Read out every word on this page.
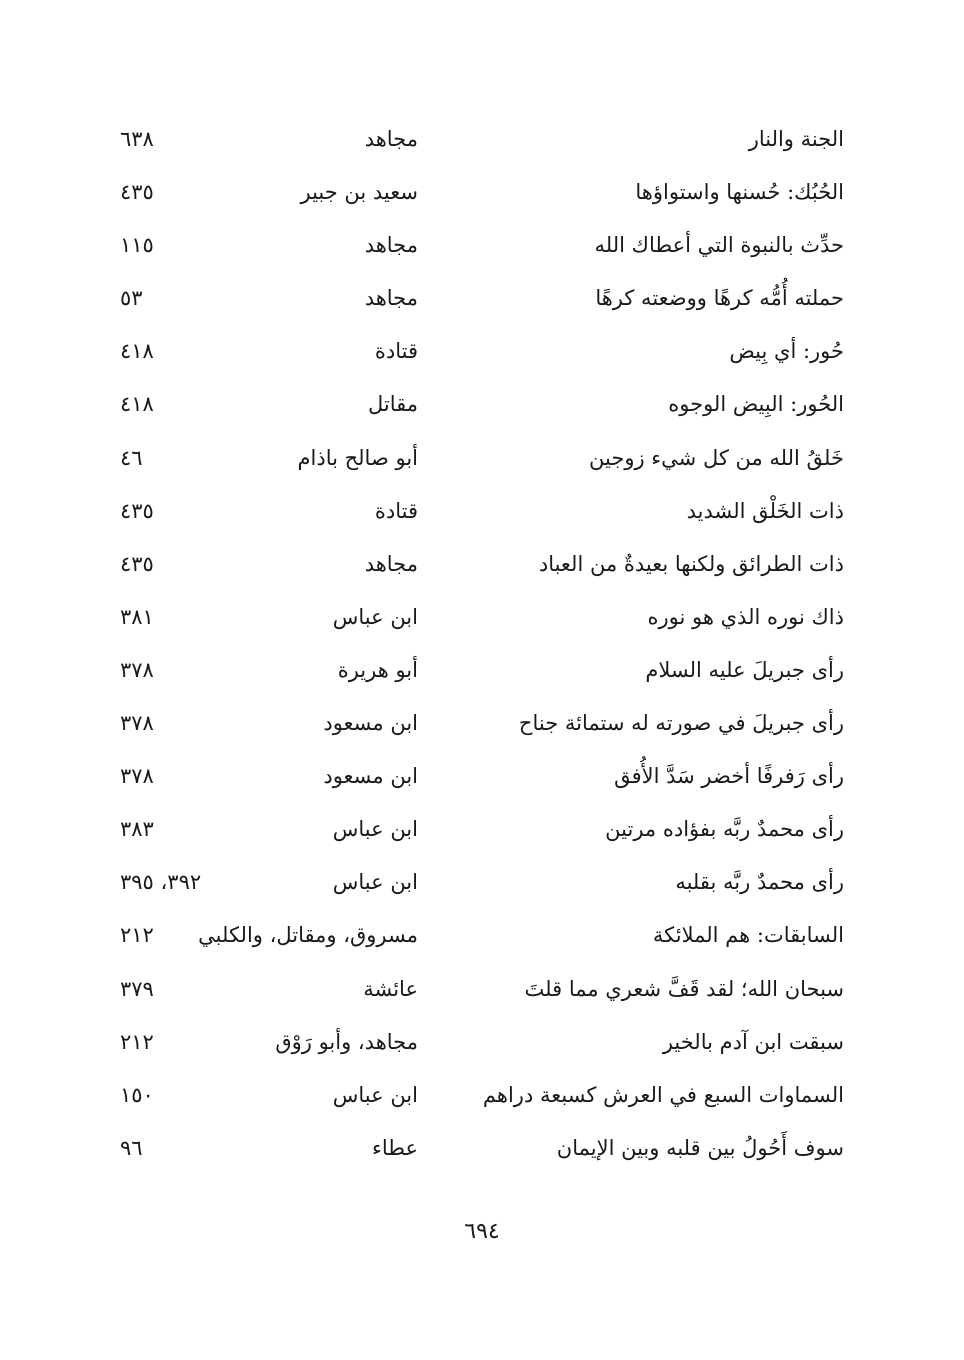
الجنة والنار
مجاهد
٦٣٨
الحُبُك: حُسنها واستواؤها
سعيد بن جبير
٤٣٥
حدِّث بالنبوة التي أعطاك الله
مجاهد
١١٥
حملته أُمُّه كرهًا ووضعته كرهًا
مجاهد
٥٣
حُور: أي بِيض
قتادة
٤١٨
الحُور: البِيض الوجوه
مقاتل
٤١٨
خَلقُ الله من كل شيء زوجين
أبو صالح باذام
٤٦
ذات الخَلْق الشديد
قتادة
٤٣٥
ذات الطرائق ولكنها بعيدةٌ من العباد
مجاهد
٤٣٥
ذاك نوره الذي هو نوره
ابن عباس
٣٨١
رأى جبريلَ عليه السلام
أبو هريرة
٣٧٨
رأى جبريلَ في صورته له ستمائة جناح
ابن مسعود
٣٧٨
رأى رَفرفًا أخضر سَدَّ الأُفق
ابن مسعود
٣٧٨
رأى محمدٌ ربَّه بفؤاده مرتين
ابن عباس
٣٨٣
رأى محمدٌ ربَّه بقلبه
ابن عباس
٣٩٢، ٣٩٥
السابقات: هم الملائكة
مسروق، ومقاتل، والكلبي
٢١٢
سبحان الله؛ لقد قَفَّ شعري مما قلتَ
عائشة
٣٧٩
سبقت ابن آدم بالخير
مجاهد، وأبو رَوْق
٢١٢
السماوات السبع في العرش كسبعة دراهم
ابن عباس
١٥٠
سوف أَحُولُ بين قلبه وبين الإيمان
عطاء
٩٦
٦٩٤
